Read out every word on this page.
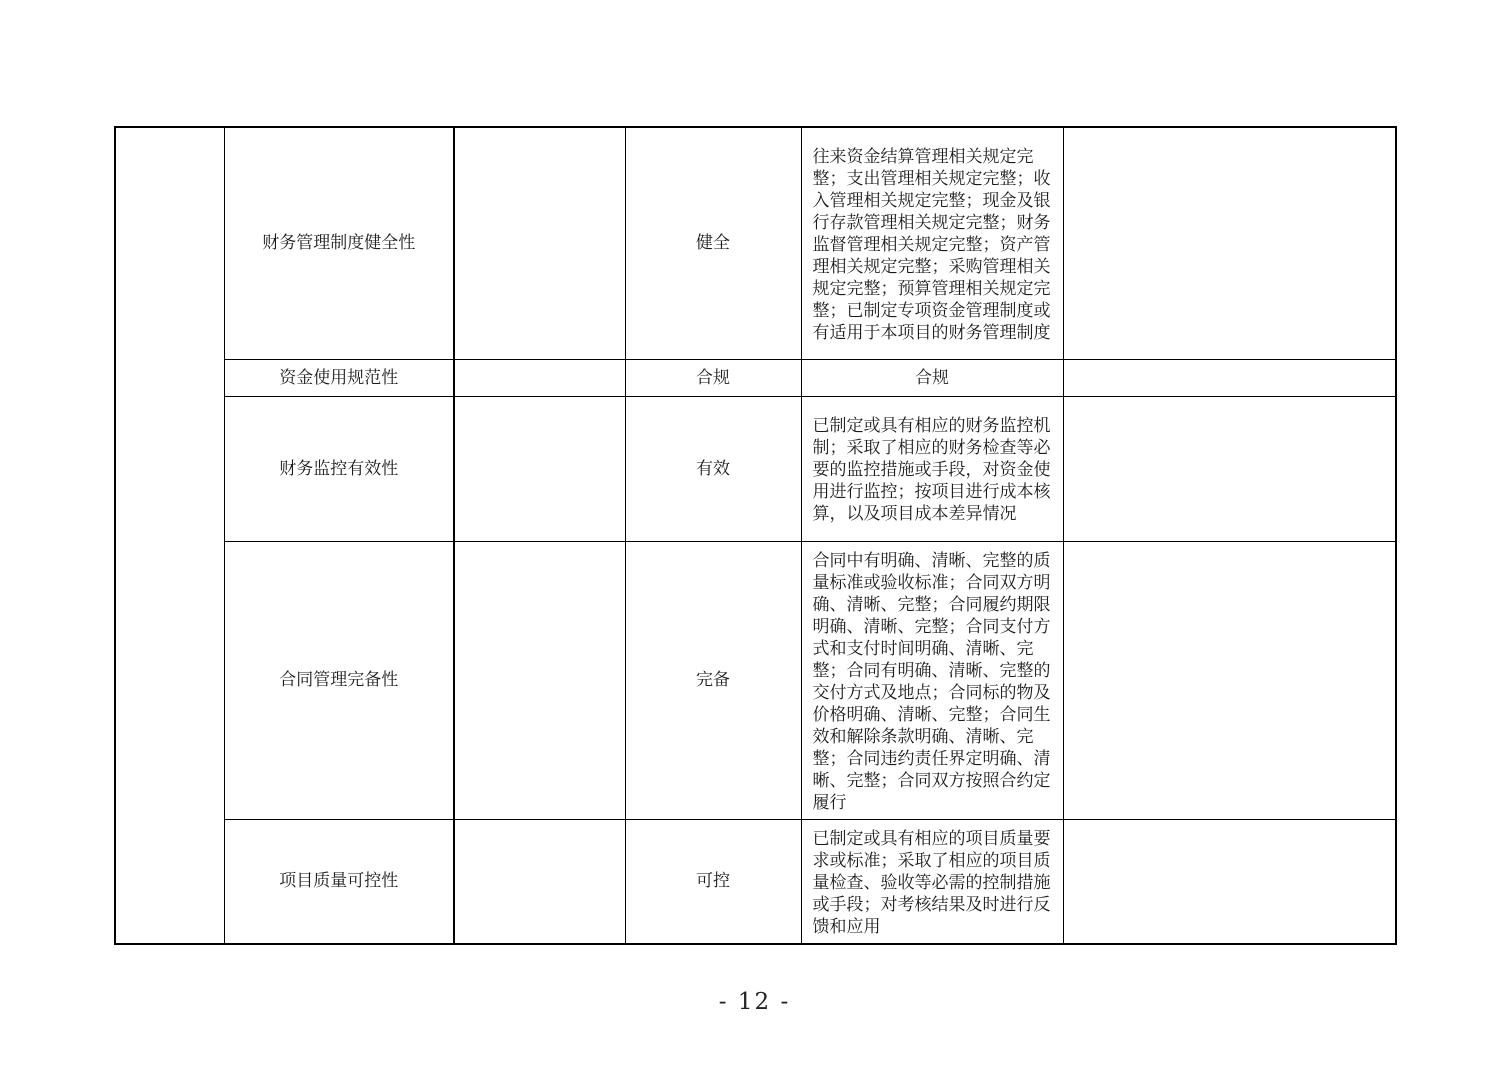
	财务管理制度健全性		健全	往来资金结算管理相关规定完整；支出管理相关规定完整；收入管理相关规定完整；现金及银行存款管理相关规定完整；财务监督管理相关规定完整；资产管理相关规定完整；采购管理相关规定完整；预算管理相关规定完整；已制定专项资金管理制度或有适用于本项目的财务管理制度	
	资金使用规范性		合规	合规	
	财务监控有效性		有效	已制定或具有相应的财务监控机制；采取了相应的财务检查等必要的监控措施或手段，对资金使用进行监控；按项目进行成本核算，以及项目成本差异情况	
	合同管理完备性		完备	合同中有明确、清晰、完整的质量标准或验收标准；合同双方明确、清晰、完整；合同履约期限明确、清晰、完整；合同支付方式和支付时间明确、清晰、完整；合同有明确、清晰、完整的交付方式及地点；合同标的物及价格明确、清晰、完整；合同生效和解除条款明确、清晰、完整；合同违约责任界定明确、清晰、完整；合同双方按照合约定履行	
	项目质量可控性		可控	已制定或具有相应的项目质量要求或标准；采取了相应的项目质量检查、验收等必需的控制措施或手段；对考核结果及时进行反馈和应用	
- 12 -
